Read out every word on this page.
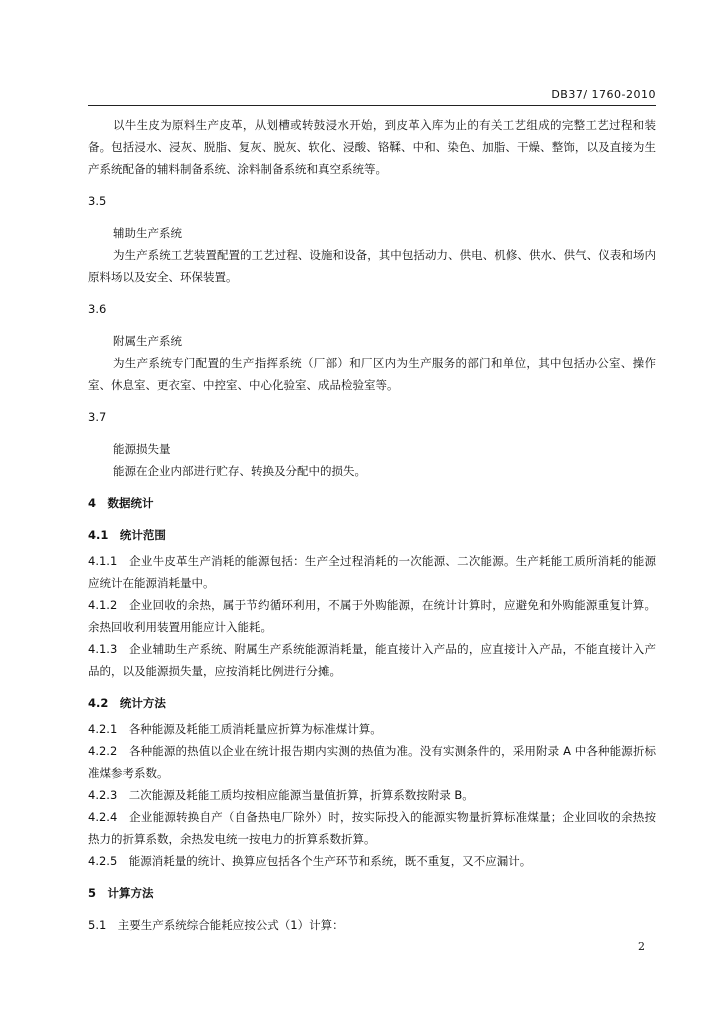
DB37/ 1760-2010

以牛生皮为原料生产皮革，从划槽或转鼓浸水开始，到皮革入库为止的有关工艺组成的完整工艺过程和装备。包括浸水、浸灰、脱脂、复灰、脱灰、软化、浸酸、铬鞣、中和、染色、加脂、干燥、整饰，以及直接为生产系统配备的辅料制备系统、涂料制备系统和真空系统等。

3.5

辅助生产系统

为生产系统工艺装置配置的工艺过程、设施和设备，其中包括动力、供电、机修、供水、供气、仪表和场内原料场以及安全、环保装置。

3.6

附属生产系统

为生产系统专门配置的生产指挥系统（厂部）和厂区内为生产服务的部门和单位，其中包括办公室、操作室、休息室、更衣室、中控室、中心化验室、成品检验室等。

3.7

能源损失量

能源在企业内部进行贮存、转换及分配中的损失。

4　数据统计

4.1　统计范围

4.1.1　企业牛皮革生产消耗的能源包括：生产全过程消耗的一次能源、二次能源。生产耗能工质所消耗的能源应统计在能源消耗量中。

4.1.2　企业回收的余热，属于节约循环利用，不属于外购能源，在统计计算时，应避免和外购能源重复计算。余热回收利用装置用能应计入能耗。

4.1.3　企业辅助生产系统、附属生产系统能源消耗量，能直接计入产品的，应直接计入产品，不能直接计入产品的，以及能源损失量，应按消耗比例进行分摊。

4.2　统计方法

4.2.1　各种能源及耗能工质消耗量应折算为标准煤计算。

4.2.2　各种能源的热值以企业在统计报告期内实测的热值为准。没有实测条件的，采用附录 A 中各种能源折标准煤参考系数。

4.2.3　二次能源及耗能工质均按相应能源当量值折算，折算系数按附录 B。

4.2.4　企业能源转换自产（自备热电厂除外）时，按实际投入的能源实物量折算标准煤量；企业回收的余热按热力的折算系数，余热发电统一按电力的折算系数折算。

4.2.5　能源消耗量的统计、换算应包括各个生产环节和系统，既不重复，又不应漏计。

5　计算方法

5.1　主要生产系统综合能耗应按公式（1）计算：

2
